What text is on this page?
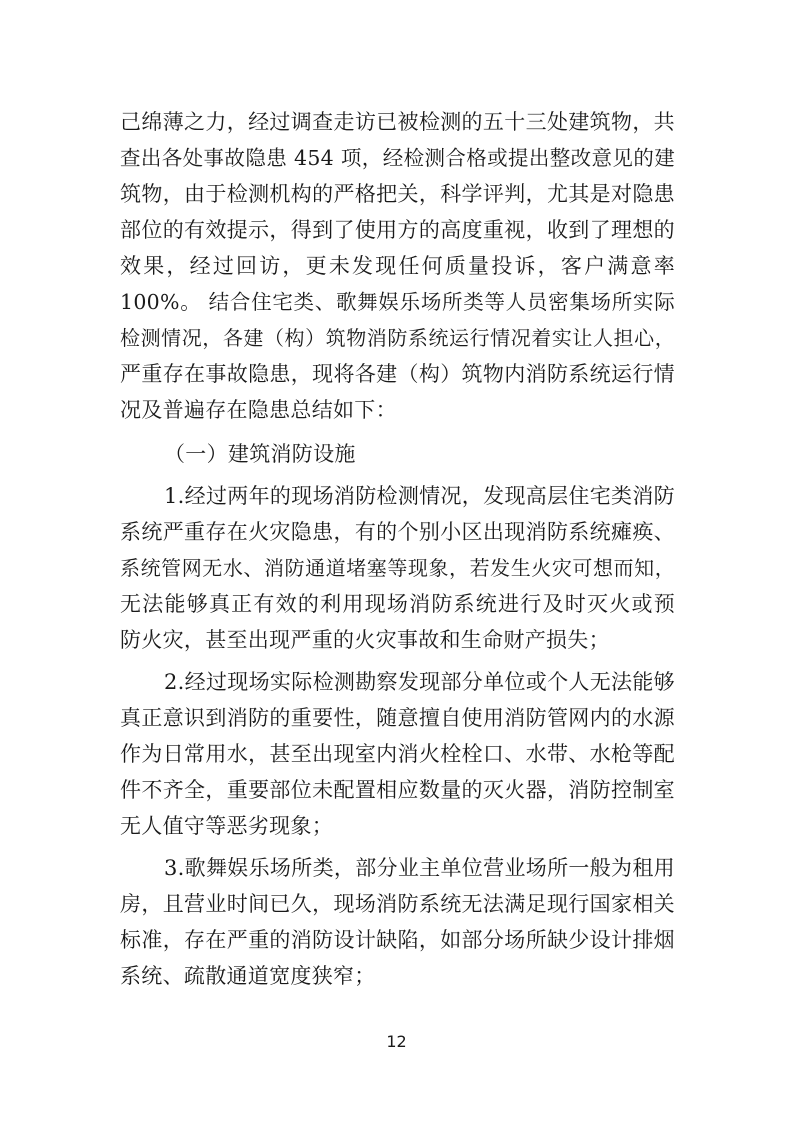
己绵薄之力，经过调查走访已被检测的五十三处建筑物，共
查出各处事故隐患 454 项，经检测合格或提出整改意见的建
筑物，由于检测机构的严格把关，科学评判，尤其是对隐患
部位的有效提示，得到了使用方的高度重视，收到了理想的
效果，经过回访，更未发现任何质量投诉，客户满意率
100%。 结合住宅类、歌舞娱乐场所类等人员密集场所实际
检测情况，各建（构）筑物消防系统运行情况着实让人担心，
严重存在事故隐患，现将各建（构）筑物内消防系统运行情
况及普遍存在隐患总结如下：
（一）建筑消防设施
1.经过两年的现场消防检测情况，发现高层住宅类消防
系统严重存在火灾隐患，有的个别小区出现消防系统瘫痪、
系统管网无水、消防通道堵塞等现象，若发生火灾可想而知，
无法能够真正有效的利用现场消防系统进行及时灭火或预
防火灾，甚至出现严重的火灾事故和生命财产损失；
2.经过现场实际检测勘察发现部分单位或个人无法能够
真正意识到消防的重要性，随意擅自使用消防管网内的水源
作为日常用水，甚至出现室内消火栓栓口、水带、水枪等配
件不齐全，重要部位未配置相应数量的灭火器，消防控制室
无人值守等恶劣现象；
3.歌舞娱乐场所类，部分业主单位营业场所一般为租用
房，且营业时间已久，现场消防系统无法满足现行国家相关
标准，存在严重的消防设计缺陷，如部分场所缺少设计排烟
系统、疏散通道宽度狭窄；
12
